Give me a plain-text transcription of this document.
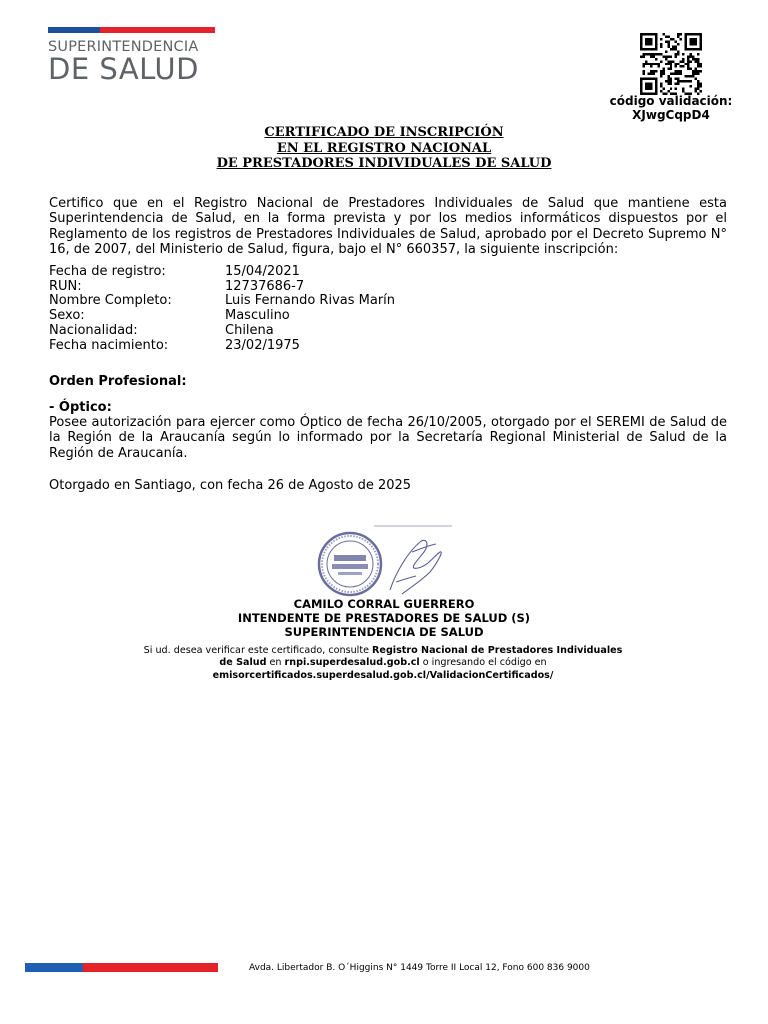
SUPERINTENDENCIA
DE SALUD
código validación:
XJwgCqpD4
CERTIFICADO DE INSCRIPCIÓN
EN EL REGISTRO NACIONAL
DE PRESTADORES INDIVIDUALES DE SALUD
Certifico que en el Registro Nacional de Prestadores Individuales de Salud que mantiene esta Superintendencia de Salud, en la forma prevista y por los medios informáticos dispuestos por el Reglamento de los registros de Prestadores Individuales de Salud, aprobado por el Decreto Supremo N° 16, de 2007, del Ministerio de Salud, figura, bajo el N° 660357, la siguiente inscripción:
Fecha de registro:	15/04/2021
RUN:	12737686-7
Nombre Completo:	Luis Fernando Rivas Marín
Sexo:	Masculino
Nacionalidad:	Chilena
Fecha nacimiento:	23/02/1975
Orden Profesional:
- Óptico:
Posee autorización para ejercer como Óptico de fecha 26/10/2005, otorgado por el SEREMI de Salud de la Región de la Araucanía según lo informado por la Secretaría Regional Ministerial de Salud de la Región de Araucanía.
Otorgado en Santiago, con fecha 26 de Agosto de 2025
CAMILO CORRAL GUERRERO
INTENDENTE DE PRESTADORES DE SALUD (S)
SUPERINTENDENCIA DE SALUD
Si ud. desea verificar este certificado, consulte Registro Nacional de Prestadores Individuales de Salud en rnpi.superdesalud.gob.cl o ingresando el código en emisorcertificados.superdesalud.gob.cl/ValidacionCertificados/
Avda. Libertador B. O´Higgins N° 1449 Torre II Local 12, Fono 600 836 9000
